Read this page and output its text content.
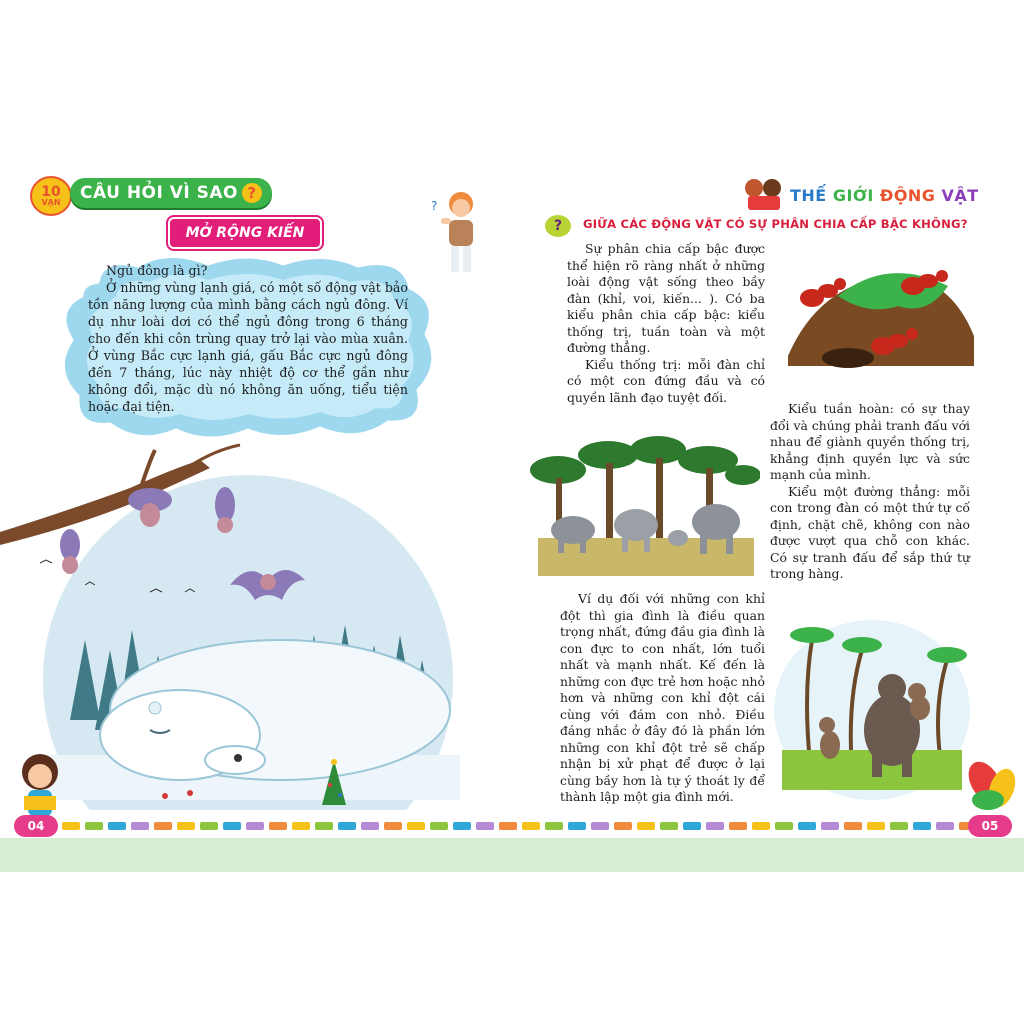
10
VẠN	CÂU HỎI VÌ SAO ?
MỞ RỘNG KIẾN
?

Ngủ đông là gì?

Ở những vùng lạnh giá, có một số động vật bảo tồn năng lượng của mình bằng cách ngủ đông. Ví dụ như loài dơi có thể ngủ đông trong 6 tháng cho đến khi côn trùng quay trở lại vào mùa xuân. Ở vùng Bắc cực lạnh giá, gấu Bắc cực ngủ đông đến 7 tháng, lúc này nhiệt độ cơ thể gần như không đổi, mặc dù nó không ăn uống, tiểu tiện hoặc đại tiện.

THẾ GIỚI ĐỘNG VẬT
?	GIỮA CÁC ĐỘNG VẬT CÓ SỰ PHÂN CHIA CẤP BẬC KHÔNG?

Sự phân chia cấp bậc được thể hiện rõ ràng nhất ở những loài động vật sống theo bầy đàn (khỉ, voi, kiến... ). Có ba kiểu phân chia cấp bậc: kiểu thống trị, tuần toàn và một đường thẳng.

Kiểu thống trị: mỗi đàn chỉ có một con đứng đầu và có quyền lãnh đạo tuyệt đối.

Kiểu tuần hoàn: có sự thay đổi và chúng phải tranh đấu với nhau để giành quyền thống trị, khẳng định quyền lực và sức mạnh của mình.

Kiểu một đường thẳng: mỗi con trong đàn có một thứ tự cố định, chặt chẽ, không con nào được vượt qua chỗ con khác. Có sự tranh đấu để sắp thứ tự trong hàng.

Ví dụ đối với những con khỉ đột thì gia đình là điều quan trọng nhất, đứng đầu gia đình là con đực to con nhất, lớn tuổi nhất và mạnh nhất. Kế đến là những con đực trẻ hơn hoặc nhỏ hơn và những con khỉ đột cái cùng với đám con nhỏ. Điều đáng nhắc ở đây đó là phần lớn những con khỉ đột trẻ sẽ chấp nhận bị xử phạt để được ở lại cùng bầy hơn là tự ý thoát ly để thành lập một gia đình mới.

04	05
